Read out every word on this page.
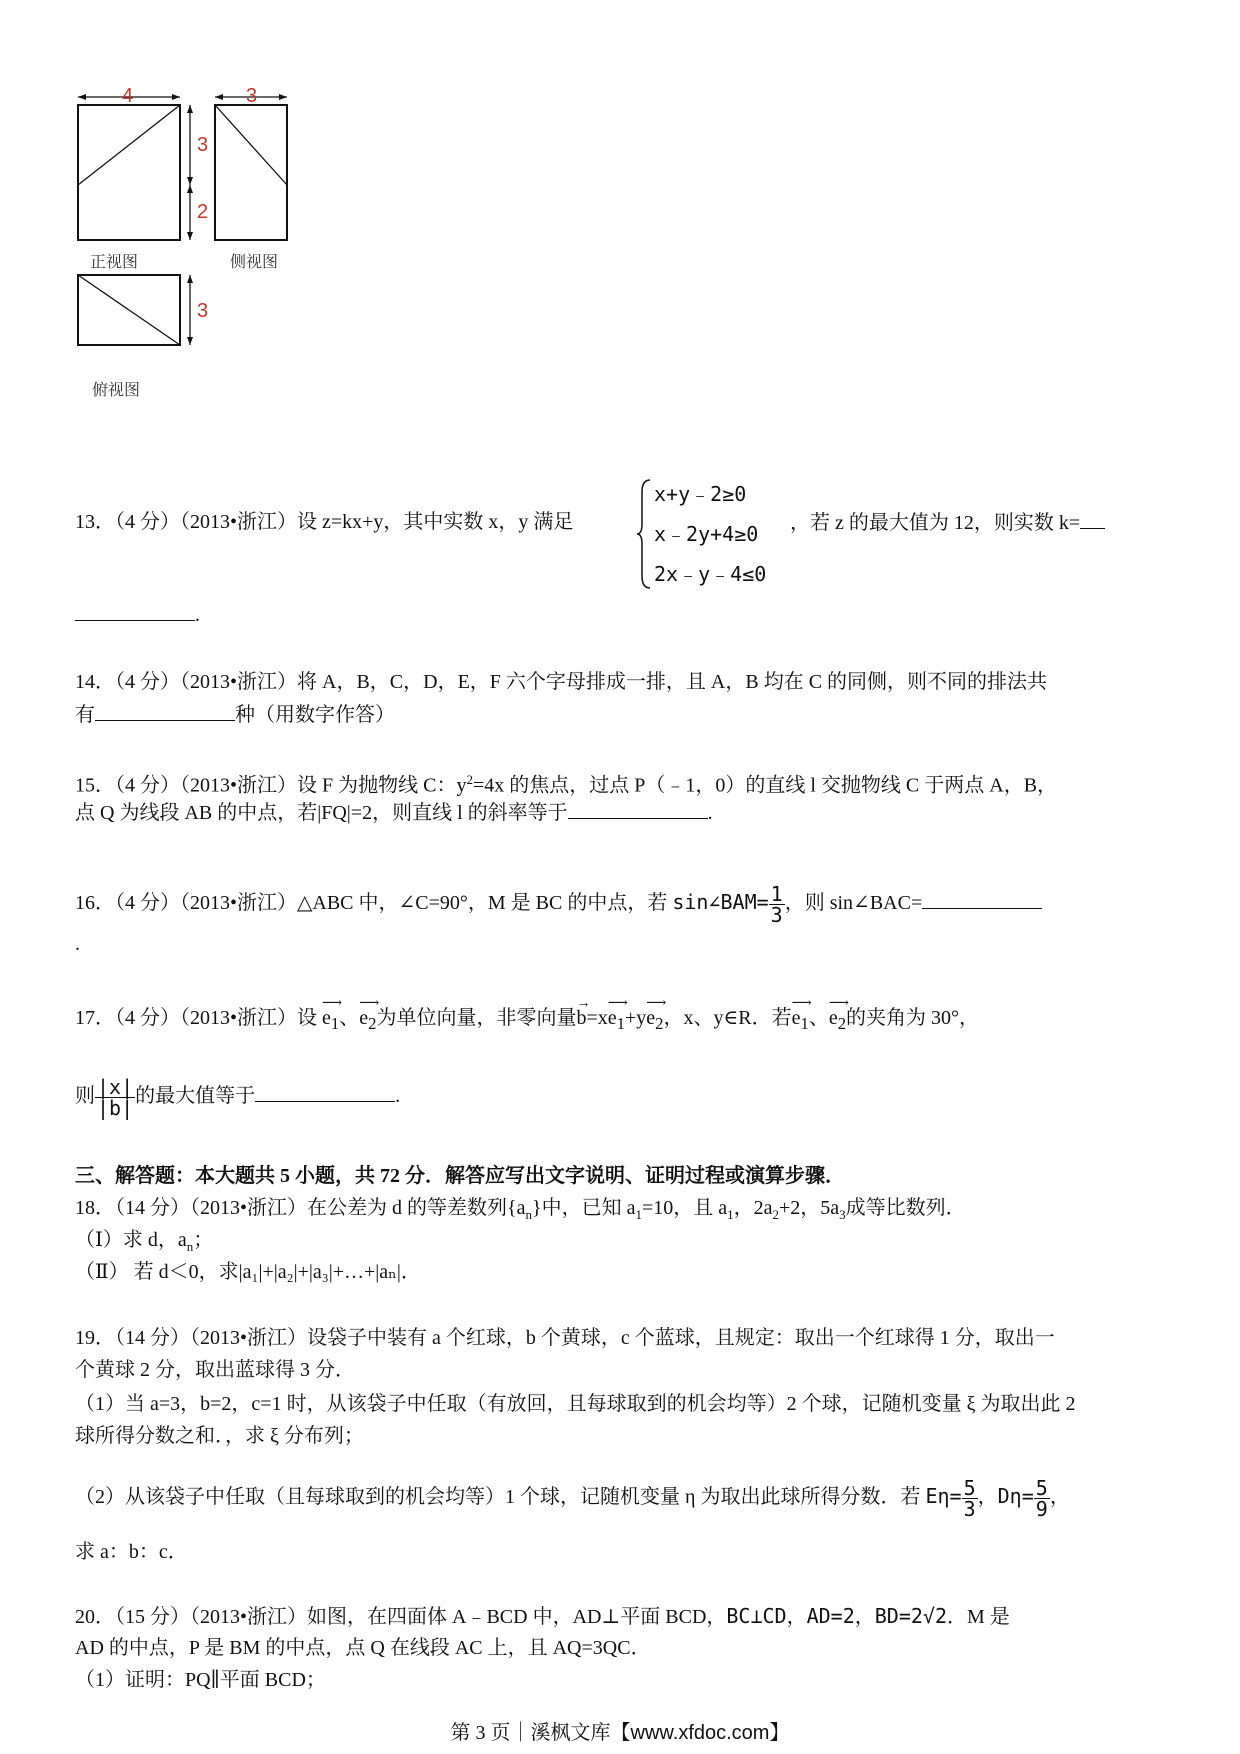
4	3
3
2
3
正视图	侧视图
俯视图
13．（4 分）（2013•浙江）设 z=kx+y，其中实数 x，y 满足
x+y﹣2≥0
x﹣2y+4≥0
2x﹣y﹣4≤0
，若 z 的最大值为 12，则实数 k=
.
14．（4 分）（2013•浙江）将 A，B，C，D，E，F 六个字母排成一排，且 A，B 均在 C 的同侧，则不同的排法共
有	种（用数字作答）
15．（4 分）（2013•浙江）设 F 为抛物线 C：$y^2=4x$ 的焦点，过点 P（﹣1，0）的直线 l 交抛物线 C 于两点 A，B，
点 Q 为线段 AB 的中点，若|FQ|=2，则直线 l 的斜率等于	.
16．（4 分）（2013•浙江）△ABC 中，∠C=90°，M 是 BC 的中点，若 sin∠BAM= $\frac{1}{3}$ ，则 sin∠BAC=
.
17．（4 分）（2013•浙江）设
⟶
$e_1$、
⟶
$e_2$为单位向量，非零向量
→
b=x
⟶
$e_1+y$
⟶
$e_2$，x、y∈R．若
⟶
$e_1$、
⟶
$e_2$的夹角为 30°，
则 $\frac{|x|}{|b|}$ 的最大值等于	.
三、解答题：本大题共 5 小题，共 72 分．解答应写出文字说明、证明过程或演算步骤．
18．（14 分）（2013•浙江）在公差为 d 的等差数列$\{a_n\}$中，已知 $a_1=10$，且 $a_1$，$2a_2+2$，$5a_3$成等比数列．
（Ⅰ）求 d，$a_n$；
（Ⅱ） 若 d＜0，求|a₁|+|a₂|+|a₃|+…+|aₙ|．
19．（14 分）（2013•浙江）设袋子中装有 a 个红球，b 个黄球，c 个蓝球，且规定：取出一个红球得 1 分，取出一
个黄球 2 分，取出蓝球得 3 分．
（1）当 a=3，b=2，c=1 时，从该袋子中任取（有放回，且每球取到的机会均等）2 个球，记随机变量 ξ 为取出此 2
球所得分数之和．，求 ξ 分布列；
（2）从该袋子中任取（且每球取到的机会均等）1 个球，记随机变量 η 为取出此球所得分数．若 $E\eta= \frac{5}{3}$ ，$D\eta= \frac{5}{9}$ ，
求 a：b：c．
20．（15 分）（2013•浙江）如图，在四面体 A﹣BCD 中，AD⊥平面 BCD，BC⊥CD，AD=2，BD=2√2．M 是
AD 的中点，P 是 BM 的中点，点 Q 在线段 AC 上，且 AQ=3QC．
（1）证明：PQ∥平面 BCD；
第 3 页｜溪枫文库【www.xfdoc.com】
